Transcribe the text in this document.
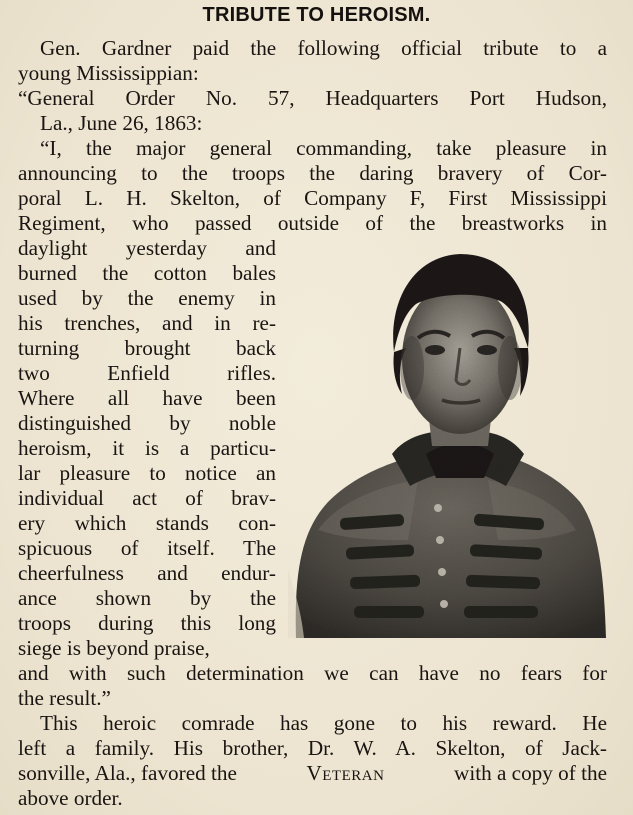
TRIBUTE TO HEROISM.
Gen. Gardner paid the following official tribute to a
young Mississippian:
“General Order No. 57, Headquarters Port Hudson,
La., June 26, 1863:
“I, the major general commanding, take pleasure in
announcing to the troops the daring bravery of Cor-
poral L. H. Skelton, of Company F, First Mississippi
Regiment, who passed outside of the breastworks in
daylight yesterday and
burned the cotton bales
used by the enemy in
his trenches, and in re-
turning brought back
two Enfield rifles.
Where all have been
distinguished by noble
heroism, it is a particu-
lar pleasure to notice an
individual act of brav-
ery which stands con-
spicuous of itself. The
cheerfulness and endur-
ance shown by the
troops during this long
siege is beyond praise,
and with such determination we can have no fears for
the result.”
This heroic comrade has gone to his reward. He
left a family. His brother, Dr. W. A. Skelton, of Jack-
sonville, Ala., favored the	Veteran	with a copy of the
above order.
